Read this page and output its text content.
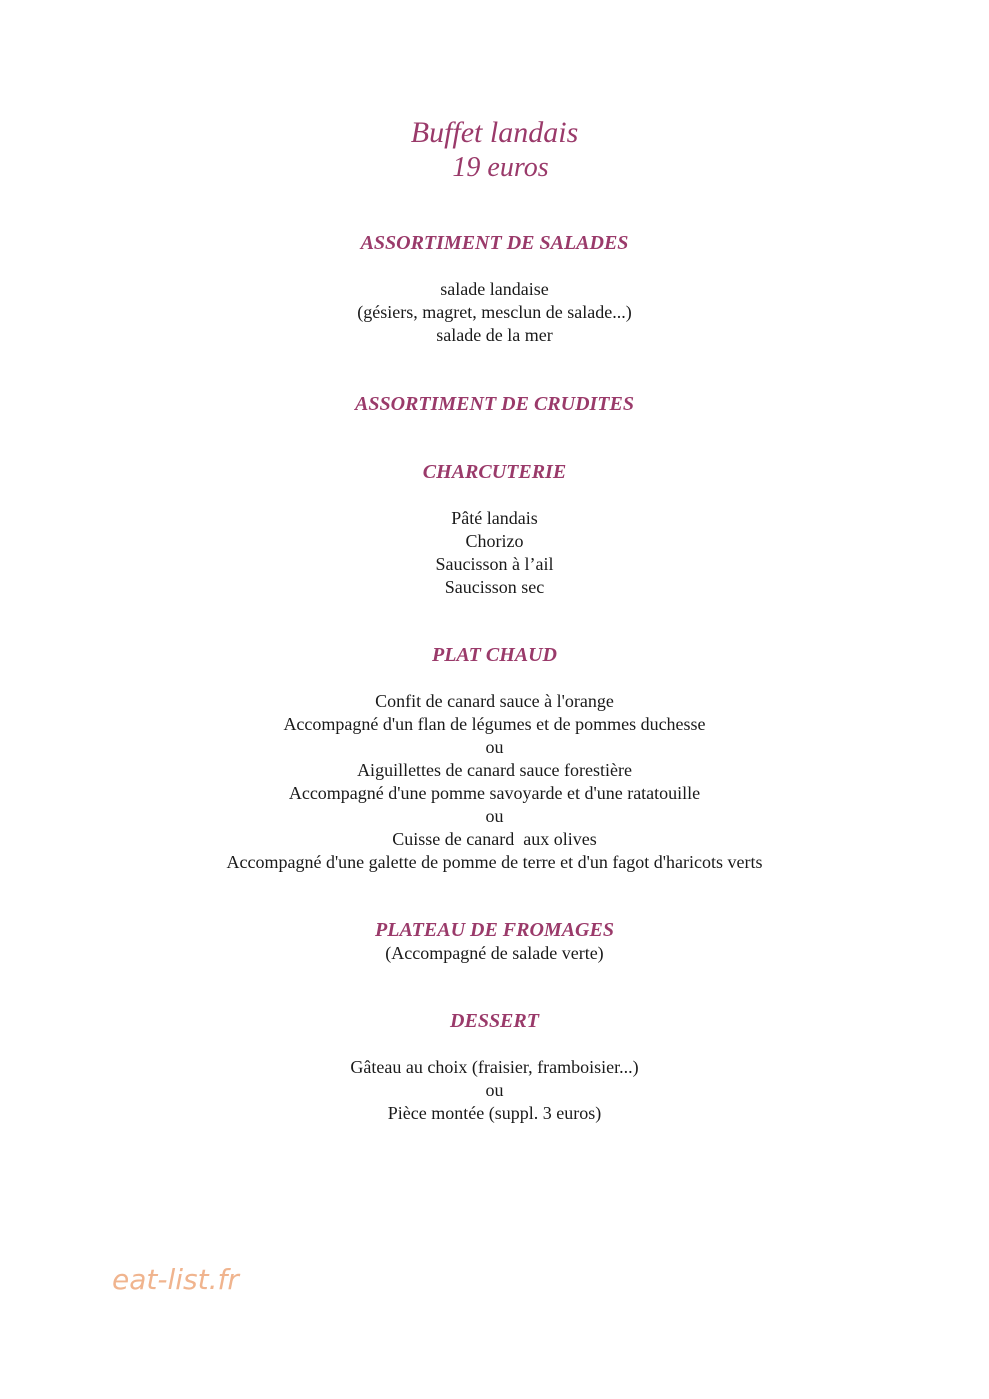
Buffet landais

19 euros

ASSORTIMENT DE SALADES

salade landaise
(gésiers, magret, mesclun de salade...)
salade de la mer

ASSORTIMENT DE CRUDITES

CHARCUTERIE

Pâté landais
Chorizo
Saucisson à l’ail
Saucisson sec

PLAT CHAUD

Confit de canard sauce à l'orange
Accompagné d'un flan de légumes et de pommes duchesse
ou
Aiguillettes de canard sauce forestière
Accompagné d'une pomme savoyarde et d'une ratatouille
ou
Cuisse de canard  aux olives
Accompagné d'une galette de pomme de terre et d'un fagot d'haricots verts

PLATEAU DE FROMAGES

(Accompagné de salade verte)

DESSERT

Gâteau au choix (fraisier, framboisier...)
ou
Pièce montée (suppl. 3 euros)
eat-list.fr
